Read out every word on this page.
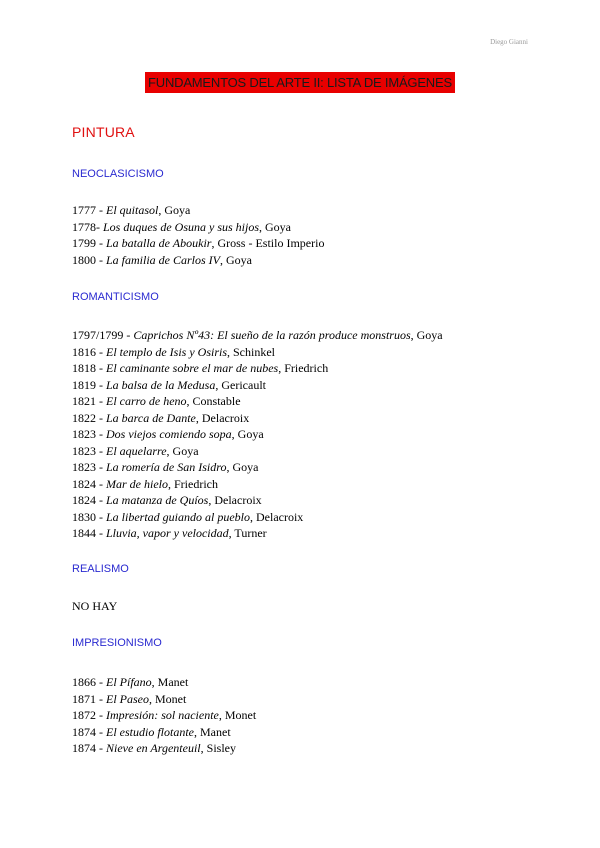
Diego Gianni
FUNDAMENTOS DEL ARTE II: LISTA DE IMÁGENES
PINTURA
NEOCLASICISMO
1777 - El quitasol, Goya
1778- Los duques de Osuna y sus hijos, Goya
1799 - La batalla de Aboukir, Gross - Estilo Imperio
1800 - La familia de Carlos IV, Goya
ROMANTICISMO
1797/1799 - Caprichos Nº43: El sueño de la razón produce monstruos, Goya
1816 - El templo de Isis y Osiris, Schinkel
1818 - El caminante sobre el mar de nubes, Friedrich
1819 - La balsa de la Medusa, Gericault
1821 - El carro de heno, Constable
1822 - La barca de Dante, Delacroix
1823 - Dos viejos comiendo sopa, Goya
1823 - El aquelarre, Goya
1823 - La romería de San Isidro, Goya
1824 - Mar de hielo, Friedrich
1824 - La matanza de Quíos, Delacroix
1830 - La libertad guiando al pueblo, Delacroix
1844 - Lluvia, vapor y velocidad, Turner
REALISMO
NO HAY
IMPRESIONISMO
1866 - El Pífano, Manet
1871 - El Paseo, Monet
1872 - Impresión: sol naciente, Monet
1874 - El estudio flotante, Manet
1874 - Nieve en Argenteuil, Sisley
